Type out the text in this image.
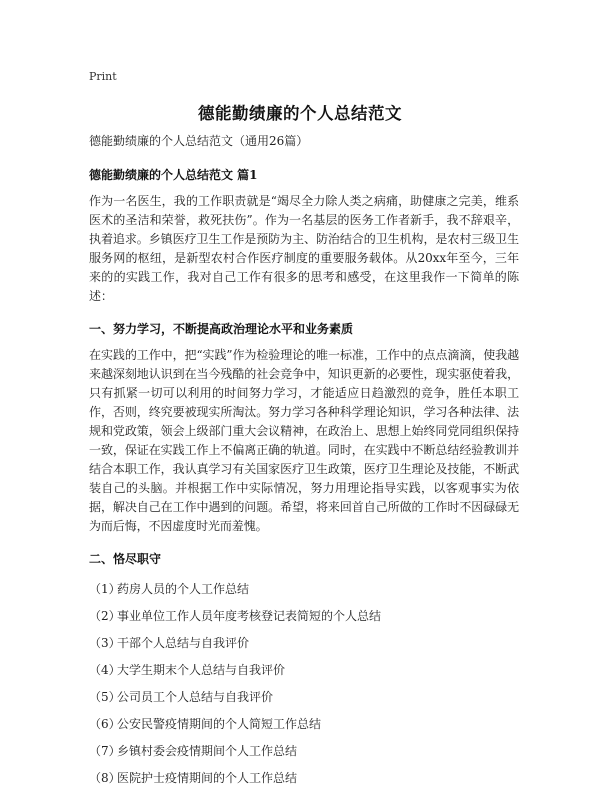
Print
德能勤绩廉的个人总结范文

德能勤绩廉的个人总结范文（通用26篇）

德能勤绩廉的个人总结范文 篇1

作为一名医生，我的工作职责就是“竭尽全力除人类之病痛，助健康之完美，维系医术的圣洁和荣誉，救死扶伤”。作为一名基层的医务工作者新手，我不辞艰辛，执着追求。乡镇医疗卫生工作是预防为主、防治结合的卫生机构，是农村三级卫生服务网的枢纽，是新型农村合作医疗制度的重要服务载体。从20xx年至今，三年来的的实践工作，我对自己工作有很多的思考和感受，在这里我作一下简单的陈述：

一、努力学习，不断提高政治理论水平和业务素质

在实践的工作中，把“实践”作为检验理论的唯一标准，工作中的点点滴滴，使我越来越深刻地认识到在当今残酷的社会竞争中，知识更新的必要性，现实驱使着我，只有抓紧一切可以利用的时间努力学习，才能适应日趋激烈的竞争，胜任本职工作，否则，终究要被现实所淘汰。努力学习各种科学理论知识，学习各种法律、法规和党政策，领会上级部门重大会议精神，在政治上、思想上始终同党同组织保持一致，保证在实践工作上不偏离正确的轨道。同时，在实践中不断总结经验教训并结合本职工作，我认真学习有关国家医疗卫生政策，医疗卫生理论及技能，不断武装自己的头脑。并根据工作中实际情况，努力用理论指导实践，以客观事实为依据，解决自己在工作中遇到的问题。希望，将来回首自己所做的工作时不因碌碌无为而后悔，不因虚度时光而羞愧。

二、恪尽职守

（1）
药房人员的个人工作总结
（2）
事业单位工作人员年度考核登记表简短的个人总结
（3）
干部个人总结与自我评价
（4）
大学生期末个人总结与自我评价
（5）
公司员工个人总结与自我评价
（6）
公安民警疫情期间的个人简短工作总结
（7）
乡镇村委会疫情期间个人工作总结
（8）
医院护士疫情期间的个人工作总结
